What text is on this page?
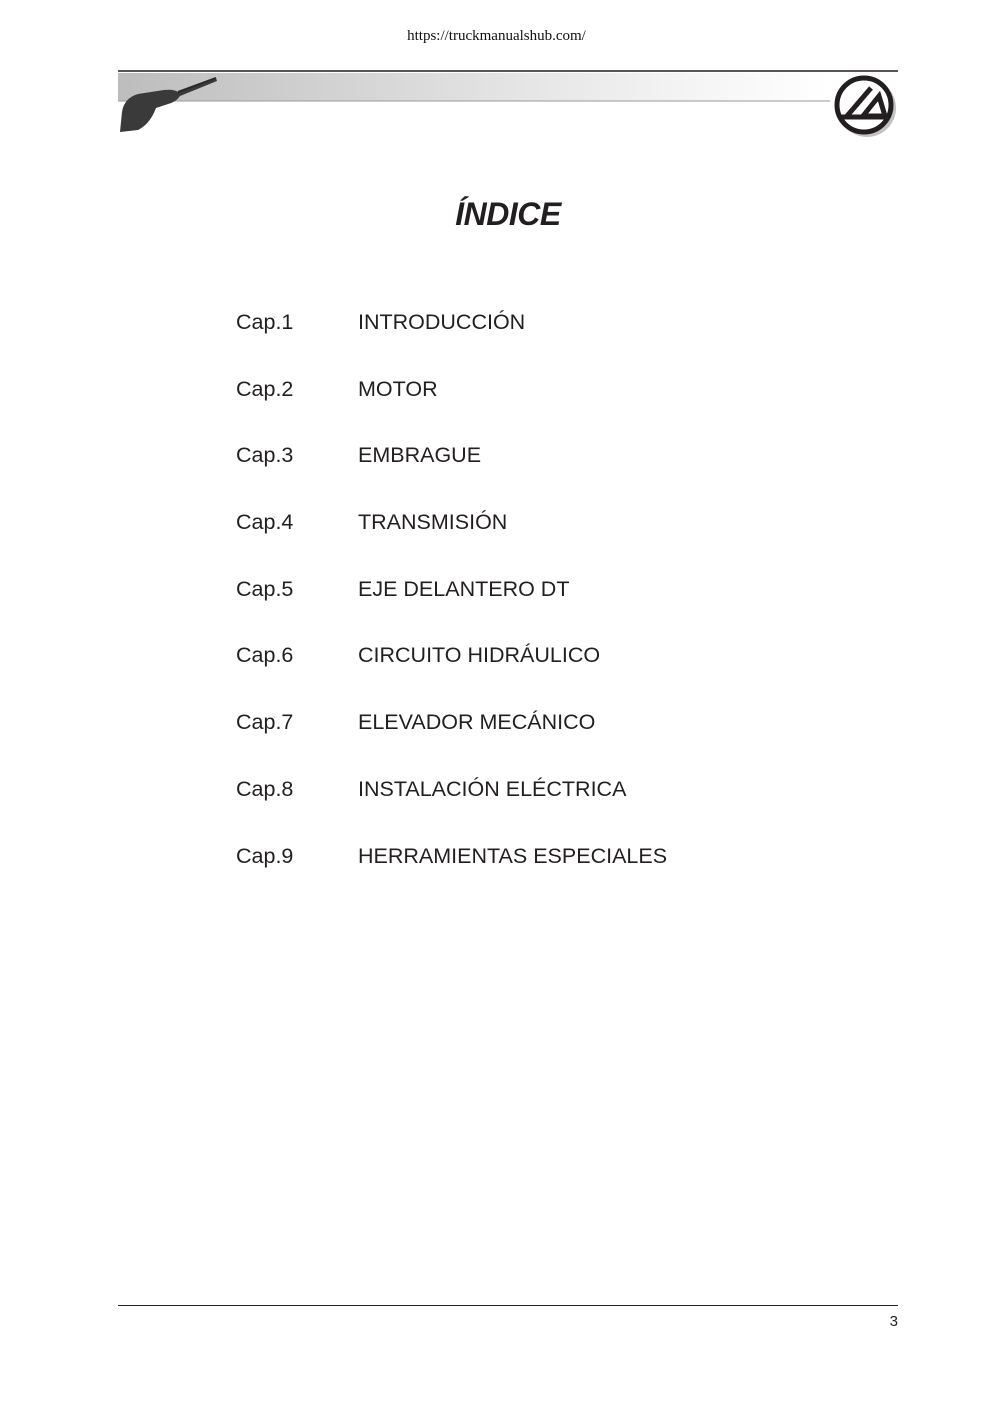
https://truckmanualshub.com/
ÍNDICE
Cap.1	INTRODUCCIÓN
Cap.2	MOTOR
Cap.3	EMBRAGUE
Cap.4	TRANSMISIÓN
Cap.5	EJE DELANTERO DT
Cap.6	CIRCUITO HIDRÁULICO
Cap.7	ELEVADOR MECÁNICO
Cap.8	INSTALACIÓN ELÉCTRICA
Cap.9	HERRAMIENTAS ESPECIALES
3
